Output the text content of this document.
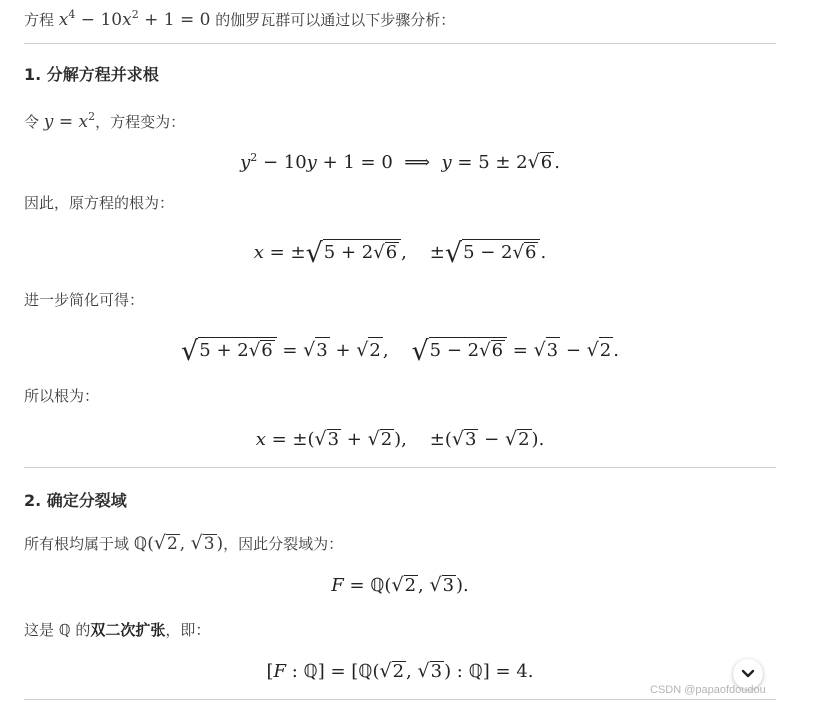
方程 $x^4 - 10x^2 + 1 = 0$ 的伽罗瓦群可以通过以下步骤分析：
1. 分解方程并求根
令 $y = x^2$，方程变为：
$y^2 - 10y + 1 = 0$  ⟹  y = 5 ± 2√6 .
因此，原方程的根为：
x = ±√5 + 2√6 ,    ±√5 − 2√6 .
进一步简化可得：
√5 + 2√6 = √3 + √2 ,    √5 − 2√6 = √3 − √2 .
所以根为：
x = ±(√3 + √2 ),    ±(√3 − √2 ).
2. 确定分裂域
所有根均属于域 ℚ(√2 , √3 )，因此分裂域为：
F = ℚ(√2 , √3 ).
这是 ℚ 的双二次扩张，即：
[F : ℚ] = [ℚ(√2 , √3 ) : ℚ] = 4.
CSDN @papaofdoudou
